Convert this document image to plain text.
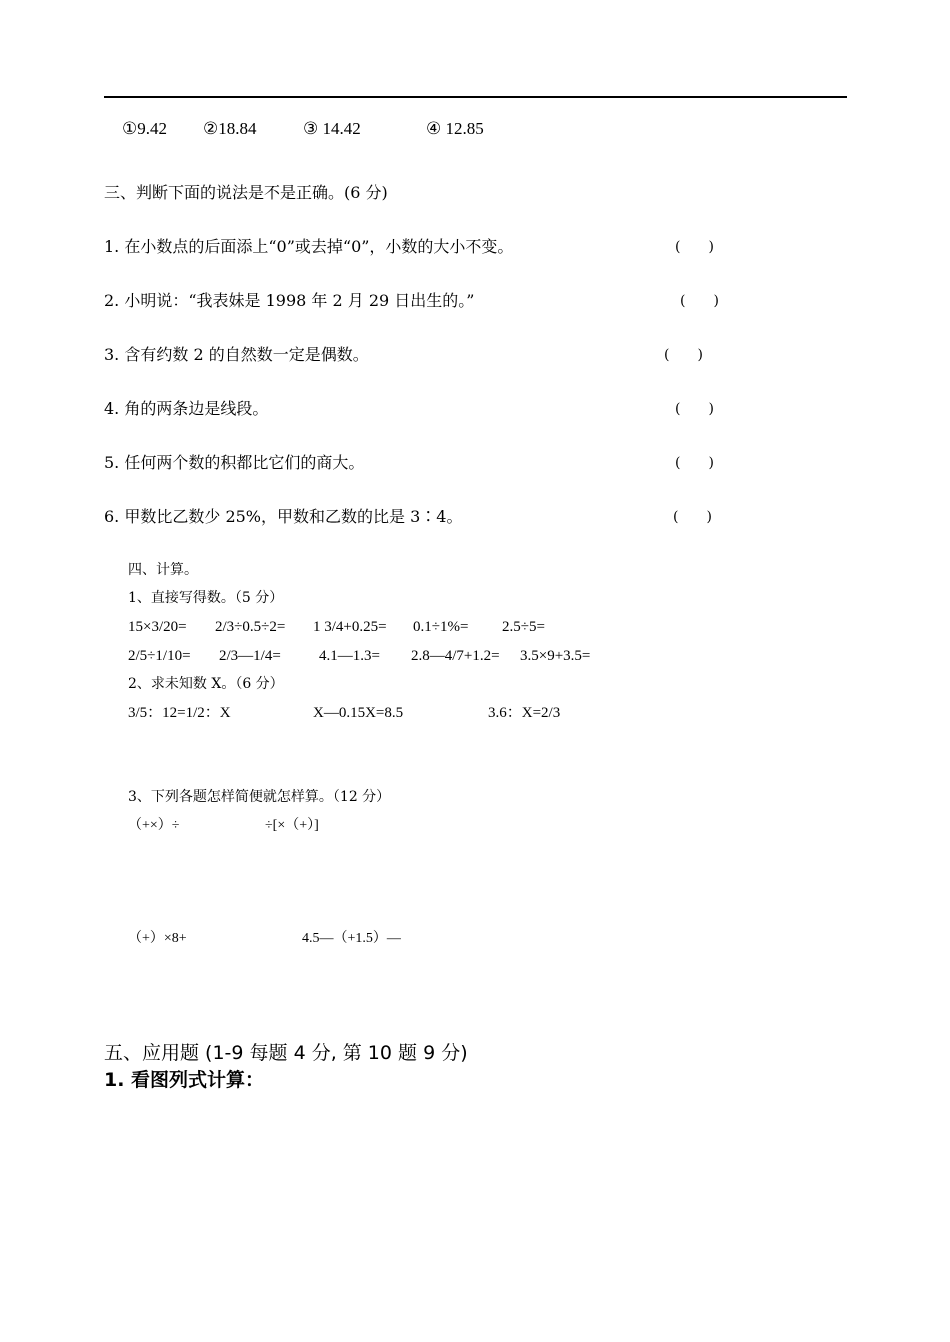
①9.42 ②18.84	③ 14.42	④ 12.85
三、判断下面的说法是不是正确。(6 分)
1. 在小数点的后面添上“0”或去掉“0”，小数的大小不变。	(　　)
2. 小明说：“我表妹是 1998 年 2 月 29 日出生的。”	(　　)
3. 含有约数 2 的自然数一定是偶数。	(　　)
4. 角的两条边是线段。	(　　)
5. 任何两个数的积都比它们的商大。	(　　)
6. 甲数比乙数少 25%，甲数和乙数的比是 3∶4。	(　　)
四、计算。
1、直接写得数。（5 分）
15×3/20= 2/3÷0.5÷2= 1 3/4+0.25= 0.1÷1%= 2.5÷5=
2/5÷1/10= 2/3—1/4=	4.1—1.3= 2.8—4/7+1.2= 3.5×9+3.5=
2、求未知数 X。（6 分）
3/5：12=1/2：X	X—0.15X=8.5	3.6：X=2/3
3、下列各题怎样简便就怎样算。（12 分）
（+×）÷	÷[×（+）]
（+）×8+	4.5—（+1.5）—
五、应用题 (1-9 每题 4 分, 第 10 题 9 分)
1. 看图列式计算：
